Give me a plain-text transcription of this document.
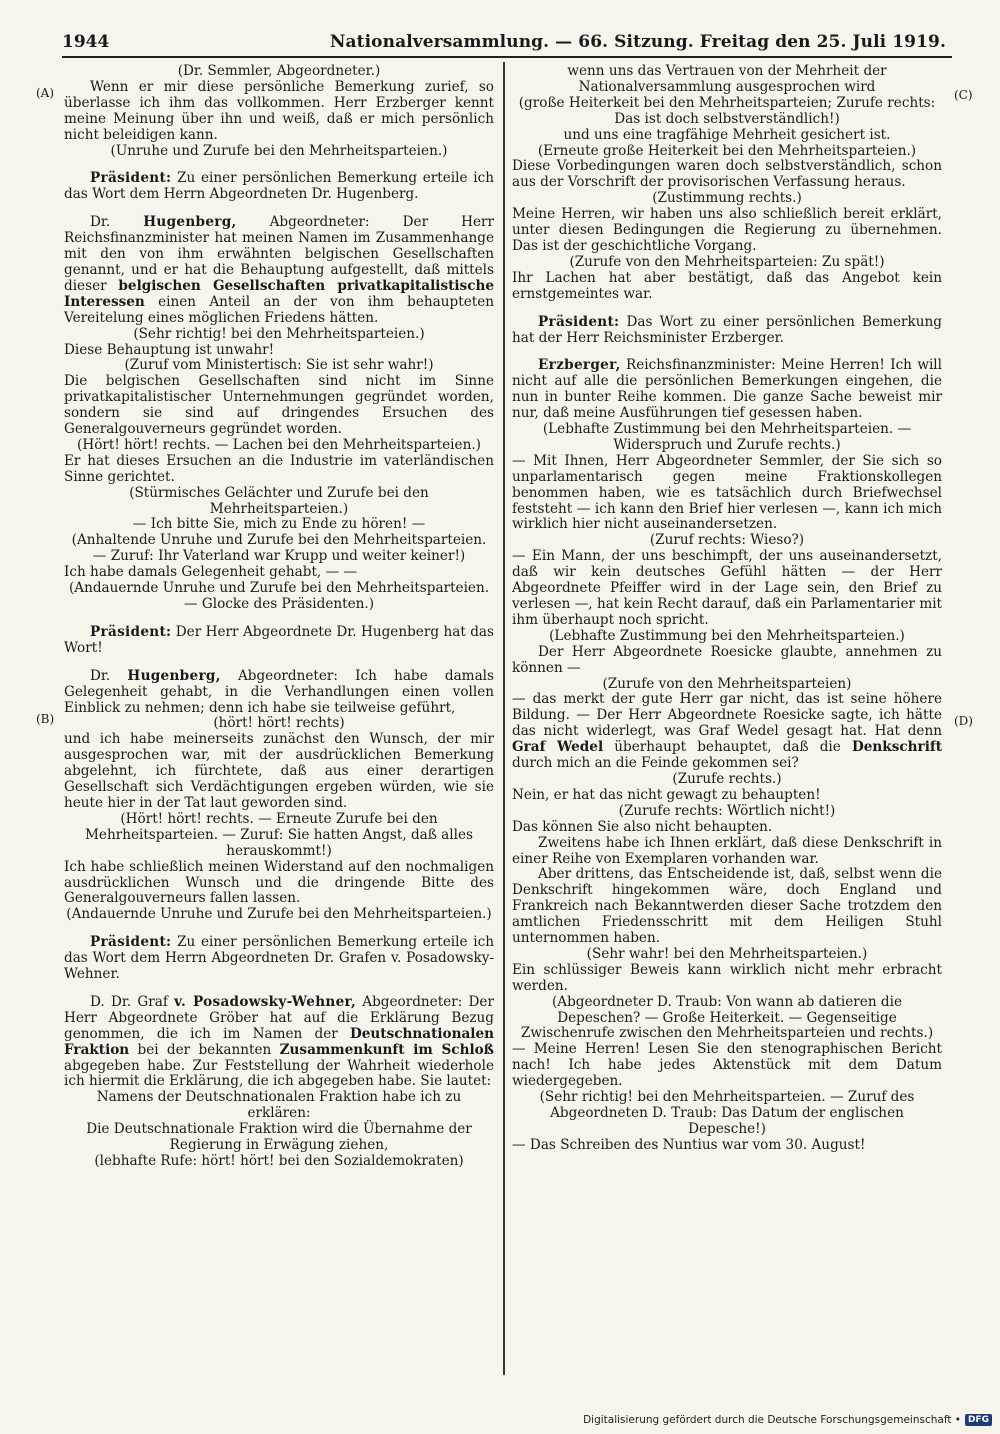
1944	Nationalversammlung. — 66. Sitzung. Freitag den 25. Juli 1919.
(A)
(B)
(C)
(D)

(Dr. Semmler, Abgeordneter.)

Wenn er mir diese persönliche Bemerkung zurief, so überlasse ich ihm das vollkommen. Herr Erzberger kennt meine Meinung über ihn und weiß, daß er mich persönlich nicht beleidigen kann.

(Unruhe und Zurufe bei den Mehrheitsparteien.)

Präsident: Zu einer persönlichen Bemerkung erteile ich das Wort dem Herrn Abgeordneten Dr. Hugenberg.

Dr. Hugenberg, Abgeordneter: Der Herr Reichsfinanzminister hat meinen Namen im Zusammenhange mit den von ihm erwähnten belgischen Gesellschaften genannt, und er hat die Behauptung aufgestellt, daß mittels dieser belgischen Gesellschaften privatkapitalistische Interessen einen Anteil an der von ihm behaupteten Vereitelung eines möglichen Friedens hätten.

(Sehr richtig! bei den Mehrheitsparteien.)

Diese Behauptung ist unwahr!

(Zuruf vom Ministertisch: Sie ist sehr wahr!)

Die belgischen Gesellschaften sind nicht im Sinne privatkapitalistischer Unternehmungen gegründet worden, sondern sie sind auf dringendes Ersuchen des Generalgouverneurs gegründet worden.

(Hört! hört! rechts. — Lachen bei den Mehrheitsparteien.)

Er hat dieses Ersuchen an die Industrie im vaterländischen Sinne gerichtet.

(Stürmisches Gelächter und Zurufe bei den Mehrheitsparteien.)

— Ich bitte Sie, mich zu Ende zu hören! —

(Anhaltende Unruhe und Zurufe bei den Mehrheitsparteien. — Zuruf: Ihr Vaterland war Krupp und weiter keiner!)

Ich habe damals Gelegenheit gehabt, — —

(Andauernde Unruhe und Zurufe bei den Mehrheitsparteien. — Glocke des Präsidenten.)

Präsident: Der Herr Abgeordnete Dr. Hugenberg hat das Wort!

Dr. Hugenberg, Abgeordneter: Ich habe damals Gelegenheit gehabt, in die Verhandlungen einen vollen Einblick zu nehmen; denn ich habe sie teilweise geführt,

(hört! hört! rechts)

und ich habe meinerseits zunächst den Wunsch, der mir ausgesprochen war, mit der ausdrücklichen Bemerkung abgelehnt, ich fürchtete, daß aus einer derartigen Gesellschaft sich Verdächtigungen ergeben würden, wie sie heute hier in der Tat laut geworden sind.

(Hört! hört! rechts. — Erneute Zurufe bei den Mehrheitsparteien. — Zuruf: Sie hatten Angst, daß alles herauskommt!)

Ich habe schließlich meinen Widerstand auf den nochmaligen ausdrücklichen Wunsch und die dringende Bitte des Generalgouverneurs fallen lassen.

(Andauernde Unruhe und Zurufe bei den Mehrheitsparteien.)

Präsident: Zu einer persönlichen Bemerkung erteile ich das Wort dem Herrn Abgeordneten Dr. Grafen v. Posadowsky-Wehner.

D. Dr. Graf v. Posadowsky-Wehner, Abgeordneter: Der Herr Abgeordnete Gröber hat auf die Erklärung Bezug genommen, die ich im Namen der Deutschnationalen Fraktion bei der bekannten Zusammenkunft im Schloß abgegeben habe. Zur Feststellung der Wahrheit wiederhole ich hiermit die Erklärung, die ich abgegeben habe. Sie lautet:

Namens der Deutschnationalen Fraktion habe ich zu erklären:

Die Deutschnationale Fraktion wird die Übernahme der Regierung in Erwägung ziehen,

(lebhafte Rufe: hört! hört! bei den Sozialdemokraten)

wenn uns das Vertrauen von der Mehrheit der Nationalversammlung ausgesprochen wird

(große Heiterkeit bei den Mehrheitsparteien; Zurufe rechts: Das ist doch selbstverständlich!)

und uns eine tragfähige Mehrheit gesichert ist.

(Erneute große Heiterkeit bei den Mehrheitsparteien.)

Diese Vorbedingungen waren doch selbstverständlich, schon aus der Vorschrift der provisorischen Verfassung heraus.

(Zustimmung rechts.)

Meine Herren, wir haben uns also schließlich bereit erklärt, unter diesen Bedingungen die Regierung zu übernehmen. Das ist der geschichtliche Vorgang.

(Zurufe von den Mehrheitsparteien: Zu spät!)

Ihr Lachen hat aber bestätigt, daß das Angebot kein ernstgemeintes war.

Präsident: Das Wort zu einer persönlichen Bemerkung hat der Herr Reichsminister Erzberger.

Erzberger, Reichsfinanzminister: Meine Herren! Ich will nicht auf alle die persönlichen Bemerkungen eingehen, die nun in bunter Reihe kommen. Die ganze Sache beweist mir nur, daß meine Ausführungen tief gesessen haben.

(Lebhafte Zustimmung bei den Mehrheitsparteien. — Widerspruch und Zurufe rechts.)

— Mit Ihnen, Herr Abgeordneter Semmler, der Sie sich so unparlamentarisch gegen meine Fraktionskollegen benommen haben, wie es tatsächlich durch Briefwechsel feststeht — ich kann den Brief hier verlesen —, kann ich mich wirklich hier nicht auseinandersetzen.

(Zuruf rechts: Wieso?)

— Ein Mann, der uns beschimpft, der uns auseinandersetzt, daß wir kein deutsches Gefühl hätten — der Herr Abgeordnete Pfeiffer wird in der Lage sein, den Brief zu verlesen —, hat kein Recht darauf, daß ein Parlamentarier mit ihm überhaupt noch spricht.

(Lebhafte Zustimmung bei den Mehrheitsparteien.)

Der Herr Abgeordnete Roesicke glaubte, annehmen zu können —

(Zurufe von den Mehrheitsparteien)

— das merkt der gute Herr gar nicht, das ist seine höhere Bildung. — Der Herr Abgeordnete Roesicke sagte, ich hätte das nicht widerlegt, was Graf Wedel gesagt hat. Hat denn Graf Wedel überhaupt behauptet, daß die Denkschrift durch mich an die Feinde gekommen sei?

(Zurufe rechts.)

Nein, er hat das nicht gewagt zu behaupten!

(Zurufe rechts: Wörtlich nicht!)

Das können Sie also nicht behaupten.

Zweitens habe ich Ihnen erklärt, daß diese Denkschrift in einer Reihe von Exemplaren vorhanden war.

Aber drittens, das Entscheidende ist, daß, selbst wenn die Denkschrift hingekommen wäre, doch England und Frankreich nach Bekanntwerden dieser Sache trotzdem den amtlichen Friedensschritt mit dem Heiligen Stuhl unternommen haben.

(Sehr wahr! bei den Mehrheitsparteien.)

Ein schlüssiger Beweis kann wirklich nicht mehr erbracht werden.

(Abgeordneter D. Traub: Von wann ab datieren die Depeschen? — Große Heiterkeit. — Gegenseitige Zwischenrufe zwischen den Mehrheitsparteien und rechts.)

— Meine Herren! Lesen Sie den stenographischen Bericht nach! Ich habe jedes Aktenstück mit dem Datum wiedergegeben.

(Sehr richtig! bei den Mehrheitsparteien. — Zuruf des Abgeordneten D. Traub: Das Datum der englischen Depesche!)

— Das Schreiben des Nuntius war vom 30. August!

Digitalisierung gefördert durch die Deutsche Forschungsgemeinschaft • DFG
